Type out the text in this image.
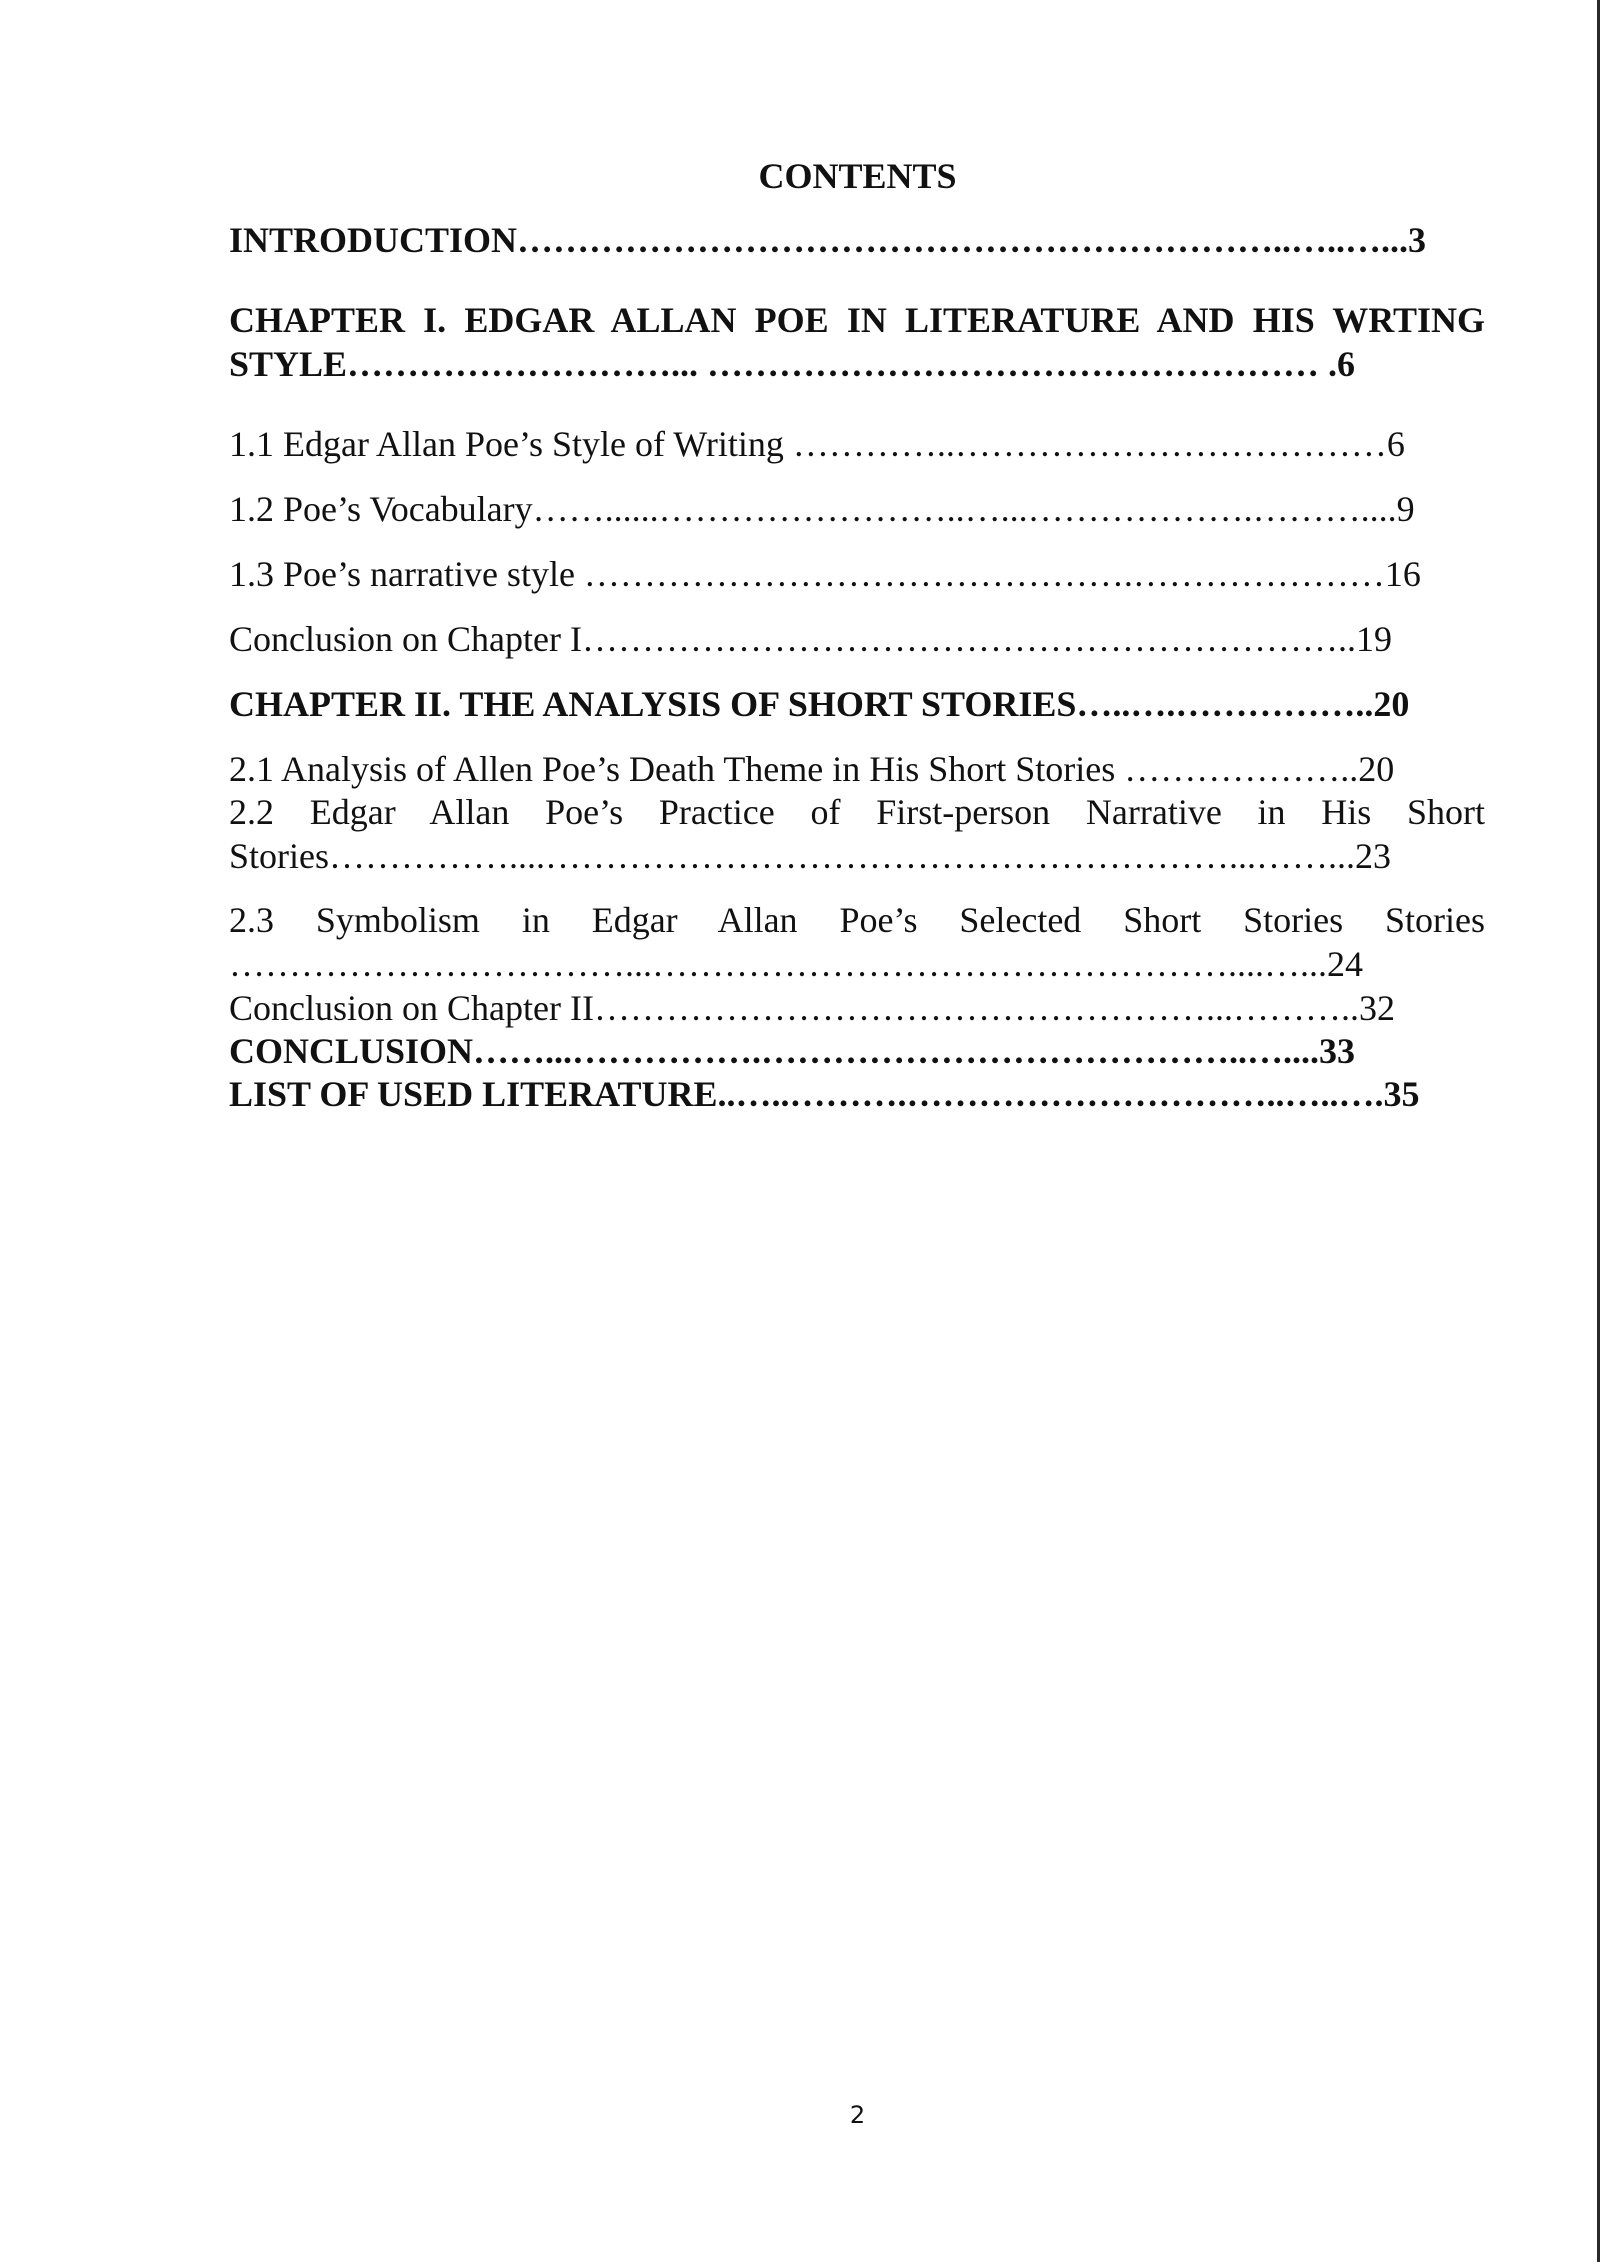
CONTENTS
INTRODUCTION………………………………………………………..…..…...3
CHAPTER I. EDGAR ALLAN POE IN LITERATURE AND HIS WRTING
STYLE………………………... …………………………………………… .6
1.1 Edgar Allan Poe’s Style of Writing …………..………………………………6
1.2 Poe’s Vocabulary……......……………………..…...……………….………....9
1.3 Poe’s narrative style ……………………………………….…………………16
Conclusion on Chapter I………………………………………………………..19
CHAPTER II. THE ANALYSIS OF SHORT STORIES…..….……………..20
2.1 Analysis of Allen Poe’s Death Theme in His Short Stories ………………..20
2.2 Edgar Allan Poe’s Practice of First-person Narrative in His Short
Stories……………....…………………………………………………...……...23
2.3 Symbolism in Edgar Allan Poe’s Selected Short Stories Stories
……………………………...…………………………………………....…...24
Conclusion on Chapter II……………………………………………...………..32
CONCLUSION……...…………….…………………………………..…....33
LIST OF USED LITERATURE..…..……….…………………………..…..….35
2
